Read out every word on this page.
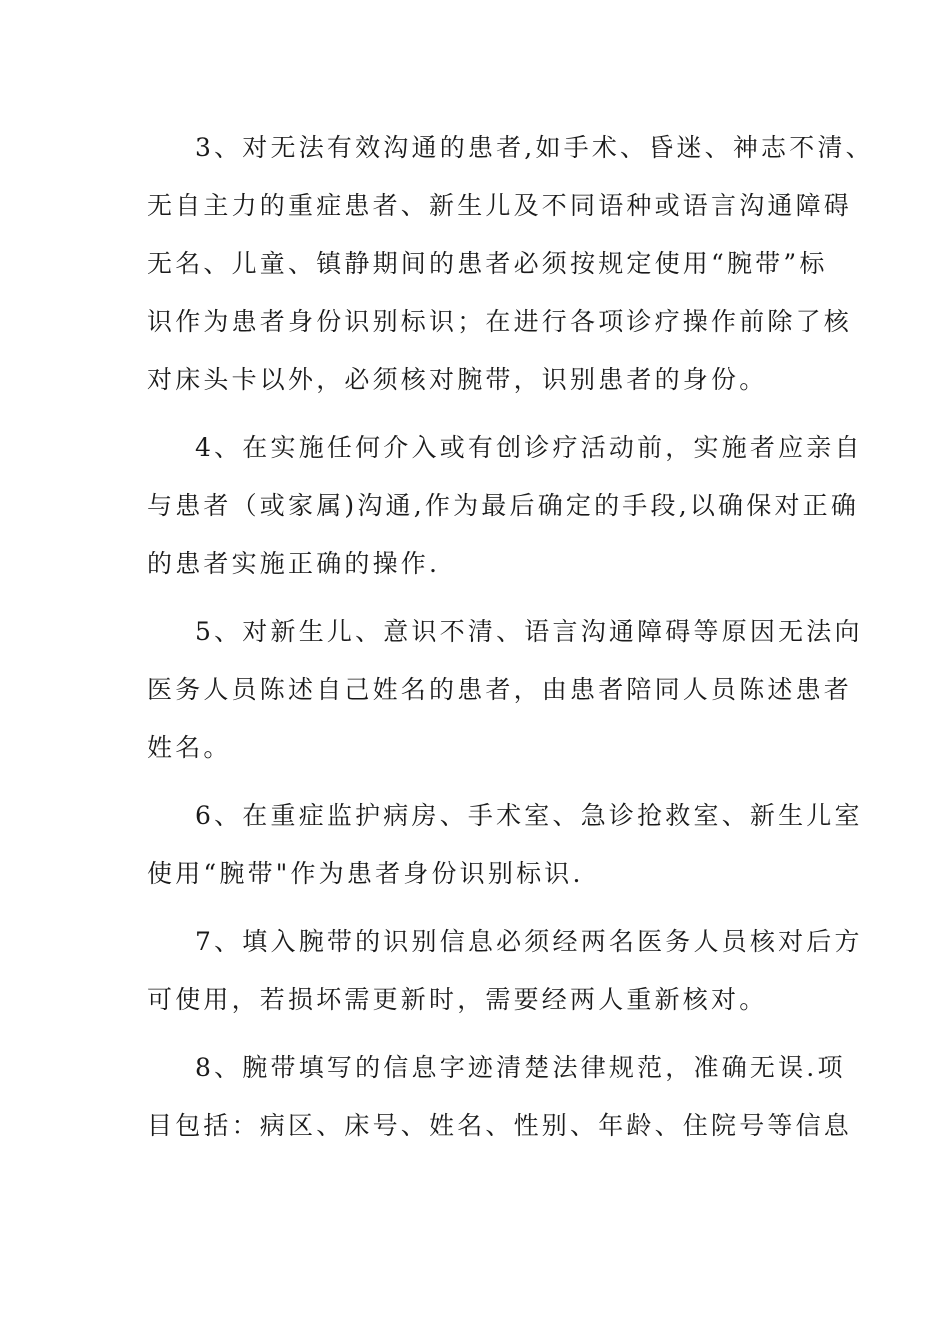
3、对无法有效沟通的患者,如手术、昏迷、神志不清、
无自主力的重症患者、新生儿及不同语种或语言沟通障碍
无名、儿童、镇静期间的患者必须按规定使用“腕带”标
识作为患者身份识别标识；在进行各项诊疗操作前除了核
对床头卡以外，必须核对腕带，识别患者的身份。
4、在实施任何介入或有创诊疗活动前，实施者应亲自
与患者（或家属)沟通,作为最后确定的手段,以确保对正确
的患者实施正确的操作.
5、对新生儿、意识不清、语言沟通障碍等原因无法向
医务人员陈述自己姓名的患者，由患者陪同人员陈述患者
姓名。
6、在重症监护病房、手术室、急诊抢救室、新生儿室
使用“腕带"作为患者身份识别标识.
7、填入腕带的识别信息必须经两名医务人员核对后方
可使用，若损坏需更新时，需要经两人重新核对。
8、腕带填写的信息字迹清楚法律规范，准确无误.项
目包括：病区、床号、姓名、性别、年龄、住院号等信息
